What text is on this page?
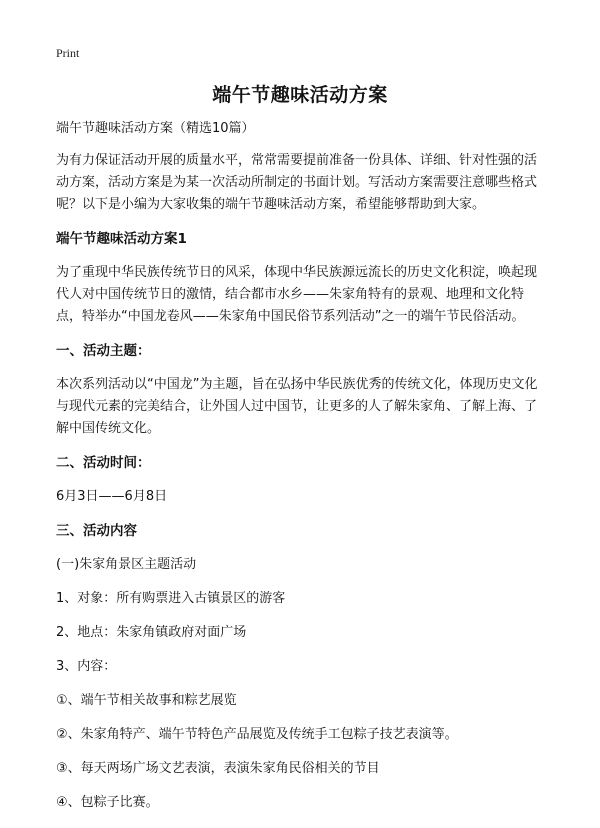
Print
端午节趣味活动方案

端午节趣味活动方案（精选10篇）

为有力保证活动开展的质量水平，常常需要提前准备一份具体、详细、针对性强的活动方案，活动方案是为某一次活动所制定的书面计划。写活动方案需要注意哪些格式呢？以下是小编为大家收集的端午节趣味活动方案，希望能够帮助到大家。

端午节趣味活动方案1

为了重现中华民族传统节日的风采，体现中华民族源远流长的历史文化积淀，唤起现代人对中国传统节日的激情，结合都市水乡——朱家角特有的景观、地理和文化特点，特举办“中国龙卷风——朱家角中国民俗节系列活动”之一的端午节民俗活动。

一、活动主题：

本次系列活动以“中国龙”为主题，旨在弘扬中华民族优秀的传统文化，体现历史文化与现代元素的完美结合，让外国人过中国节，让更多的人了解朱家角、了解上海、了解中国传统文化。

二、活动时间：

6月3日——6月8日

三、活动内容

(一)朱家角景区主题活动

1、对象：所有购票进入古镇景区的游客

2、地点：朱家角镇政府对面广场

3、内容：

①、端午节相关故事和粽艺展览

②、朱家角特产、端午节特色产品展览及传统手工包粽子技艺表演等。

③、每天两场广场文艺表演，表演朱家角民俗相关的节目

④、包粽子比赛。
